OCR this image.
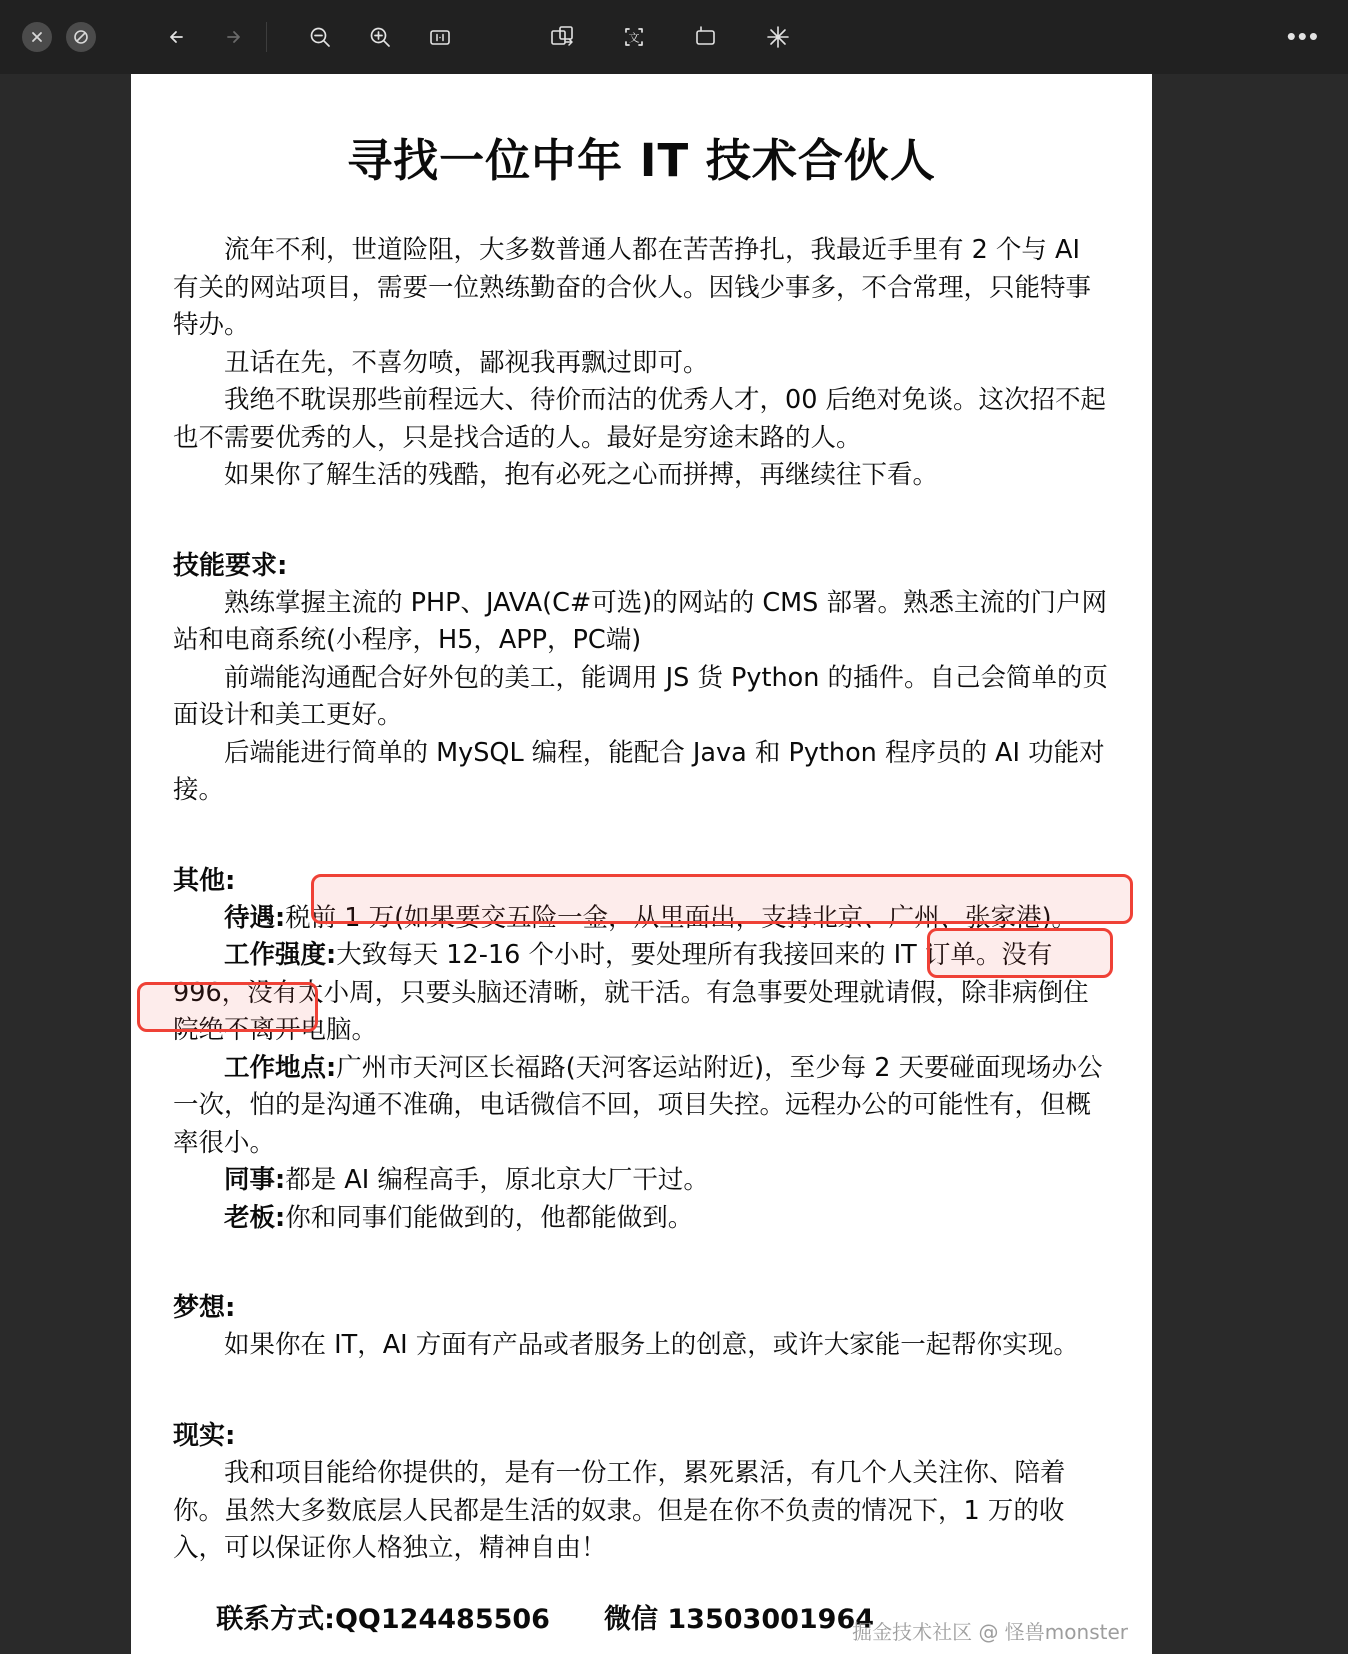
文	•••
寻找一位中年 IT 技术合伙人

流年不利，世道险阻，大多数普通人都在苦苦挣扎，我最近手里有 2 个与 AI 有关的网站项目，需要一位熟练勤奋的合伙人。因钱少事多，不合常理，只能特事特办。

丑话在先，不喜勿喷，鄙视我再飘过即可。

我绝不耽误那些前程远大、待价而沽的优秀人才，00 后绝对免谈。这次招不起也不需要优秀的人，只是找合适的人。最好是穷途末路的人。

如果你了解生活的残酷，抱有必死之心而拼搏，再继续往下看。

技能要求:

熟练掌握主流的 PHP、JAVA(C#可选)的网站的 CMS 部署。熟悉主流的门户网站和电商系统(小程序，H5，APP，PC端)

前端能沟通配合好外包的美工，能调用 JS 货 Python 的插件。自己会简单的页面设计和美工更好。

后端能进行简单的 MySQL 编程，能配合 Java 和 Python 程序员的 AI 功能对接。

其他:

待遇:税前 1 万(如果要交五险一金，从里面出，支持北京、广州、张家港)。

工作强度:大致每天 12-16 个小时，要处理所有我接回来的 IT 订单。没有 996，没有太小周，只要头脑还清晰，就干活。有急事要处理就请假，除非病倒住院绝不离开电脑。

工作地点:广州市天河区长福路(天河客运站附近)，至少每 2 天要碰面现场办公一次，怕的是沟通不准确，电话微信不回，项目失控。远程办公的可能性有，但概率很小。

同事:都是 AI 编程高手，原北京大厂干过。

老板:你和同事们能做到的，他都能做到。

梦想:

如果你在 IT，AI 方面有产品或者服务上的创意，或许大家能一起帮你实现。

现实:

我和项目能给你提供的，是有一份工作，累死累活，有几个人关注你、陪着你。虽然大多数底层人民都是生活的奴隶。但是在你不负责的情况下，1 万的收入，可以保证你人格独立，精神自由！

联系方式:QQ124485506 微信 13503001964
掘金技术社区 @ 怪兽monster
